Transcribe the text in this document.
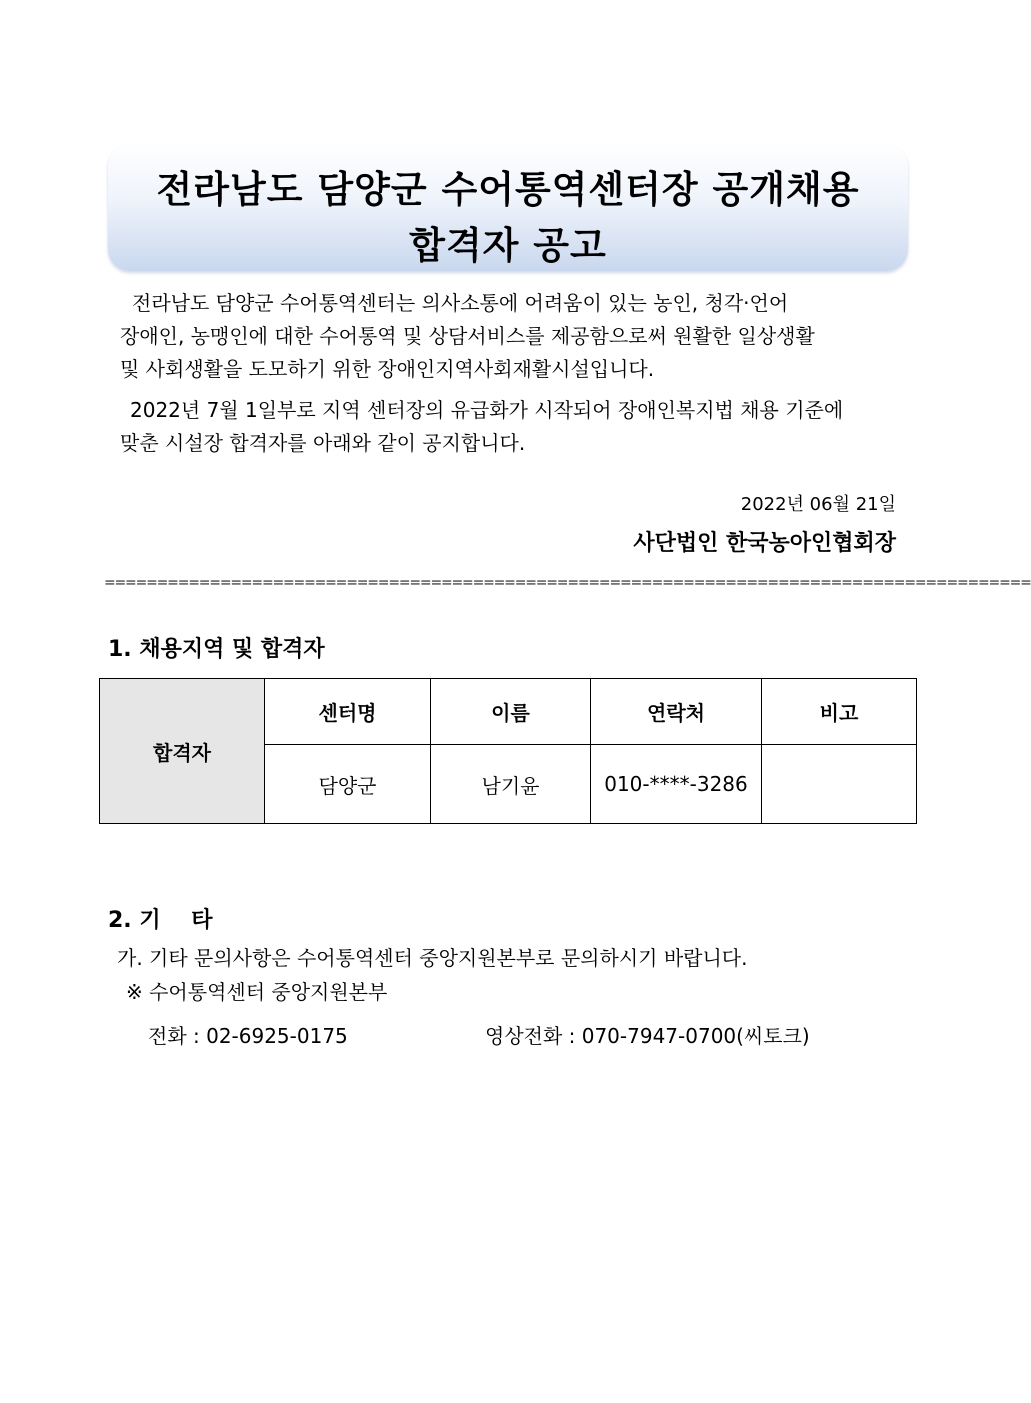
전라남도 담양군 수어통역센터장 공개채용
합격자 공고
전라남도 담양군 수어통역센터는 의사소통에 어려움이 있는 농인, 청각·언어
장애인, 농맹인에 대한 수어통역 및 상담서비스를 제공함으로써 원활한 일상생활
및 사회생활을 도모하기 위한 장애인지역사회재활시설입니다.
2022년 7월 1일부로 지역 센터장의 유급화가 시작되어 장애인복지법 채용 기준에
맞춘 시설장 합격자를 아래와 같이 공지합니다.
2022년 06월 21일
사단법인 한국농아인협회장
========================================================================================
1. 채용지역 및 합격자
합격자	센터명	이름	연락처	비고
	담양군	남기윤	010-****-3286	
2. 기    타
가. 기타 문의사항은 수어통역센터 중앙지원본부로 문의하시기 바랍니다.
※ 수어통역센터 중앙지원본부
전화 : 02-6925-0175	영상전화 : 070-7947-0700(씨토크)
